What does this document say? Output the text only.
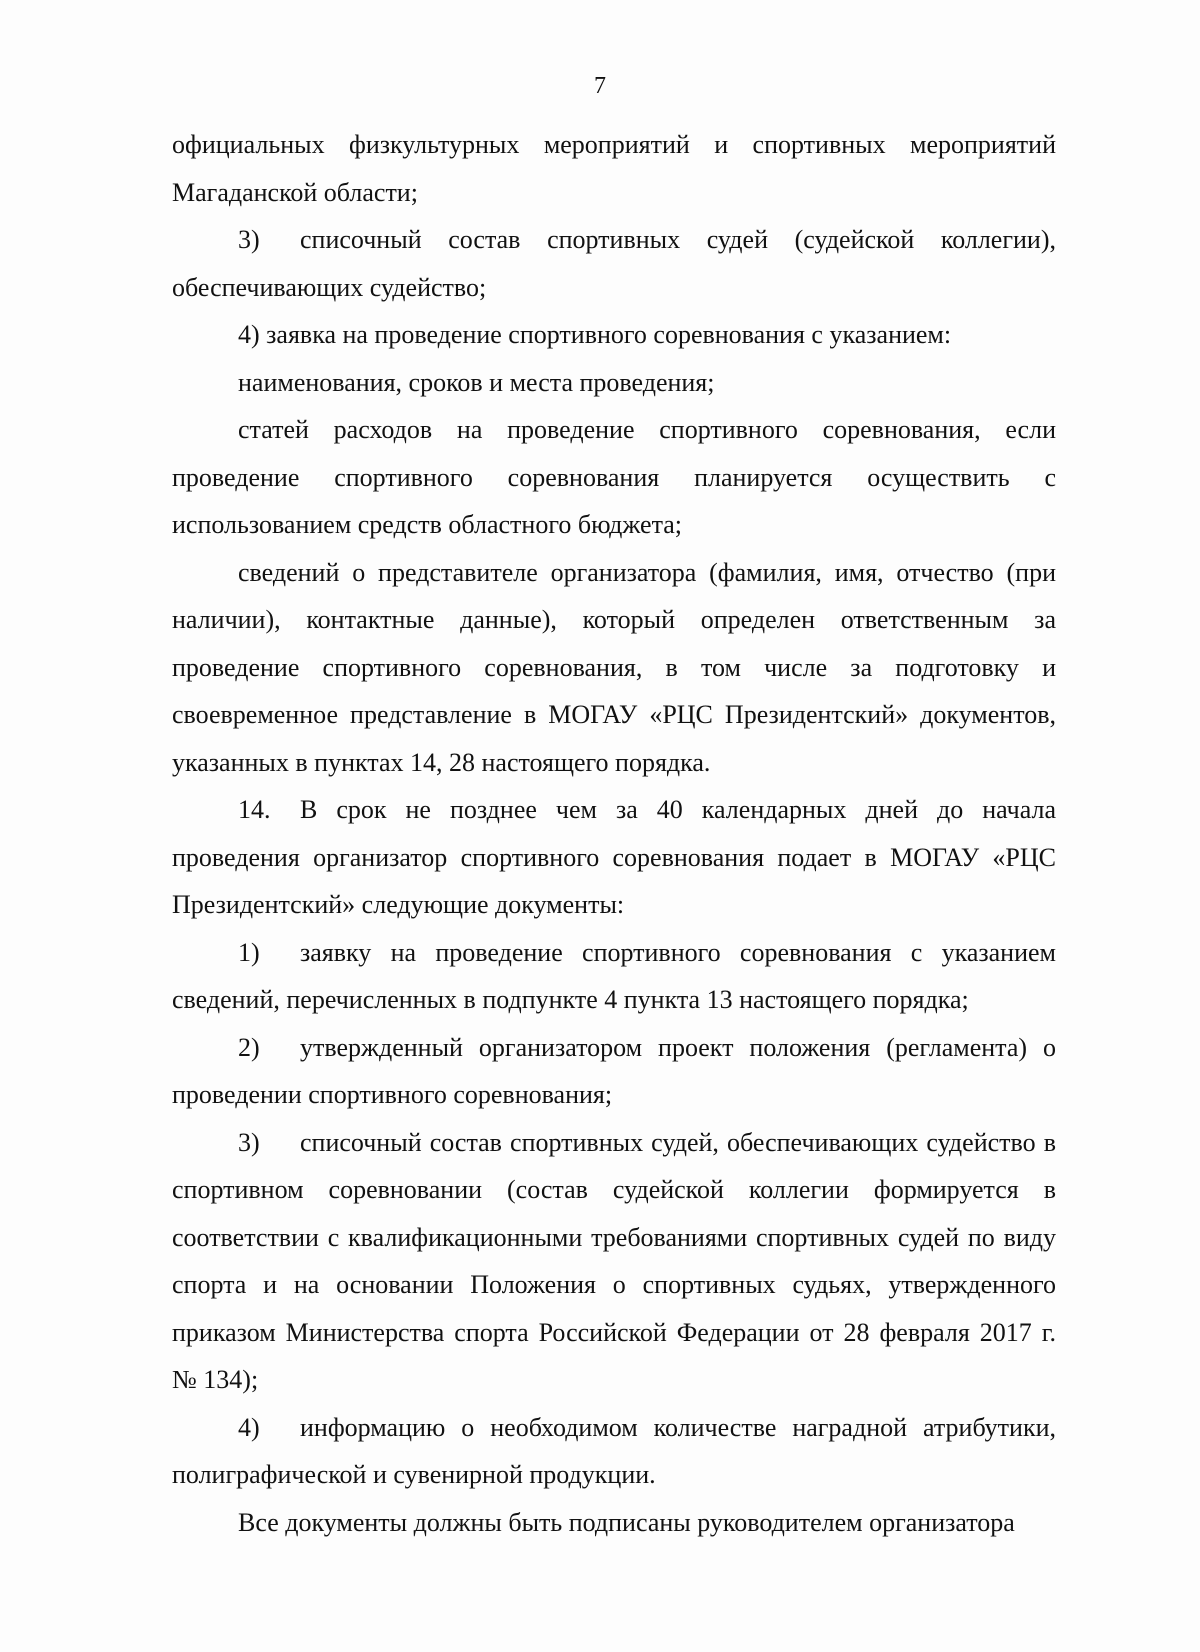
7

официальных физкультурных мероприятий и спортивных мероприятий Магаданской области;

3) списочный состав спортивных судей (судейской коллегии), обеспечивающих судейство;

4) заявка на проведение спортивного соревнования с указанием:

наименования, сроков и места проведения;

статей расходов на проведение спортивного соревнования, если проведение спортивного соревнования планируется осуществить с использованием средств областного бюджета;

сведений о представителе организатора (фамилия, имя, отчество (при наличии), контактные данные), который определен ответственным за проведение спортивного соревнования, в том числе за подготовку и своевременное представление в МОГАУ «РЦС Президентский» документов, указанных в пунктах 14, 28 настоящего порядка.

14. В срок не позднее чем за 40 календарных дней до начала проведения организатор спортивного соревнования подает в МОГАУ «РЦС Президентский» следующие документы:

1) заявку на проведение спортивного соревнования с указанием сведений, перечисленных в подпункте 4 пункта 13 настоящего порядка;

2) утвержденный организатором проект положения (регламента) о проведении спортивного соревнования;

3) списочный состав спортивных судей, обеспечивающих судейство в спортивном соревновании (состав судейской коллегии формируется в соответствии с квалификационными требованиями спортивных судей по виду спорта и на основании Положения о спортивных судьях, утвержденного приказом Министерства спорта Российской Федерации от 28 февраля 2017 г. № 134);

4) информацию о необходимом количестве наградной атрибутики, полиграфической и сувенирной продукции.

Все документы должны быть подписаны руководителем организатора
